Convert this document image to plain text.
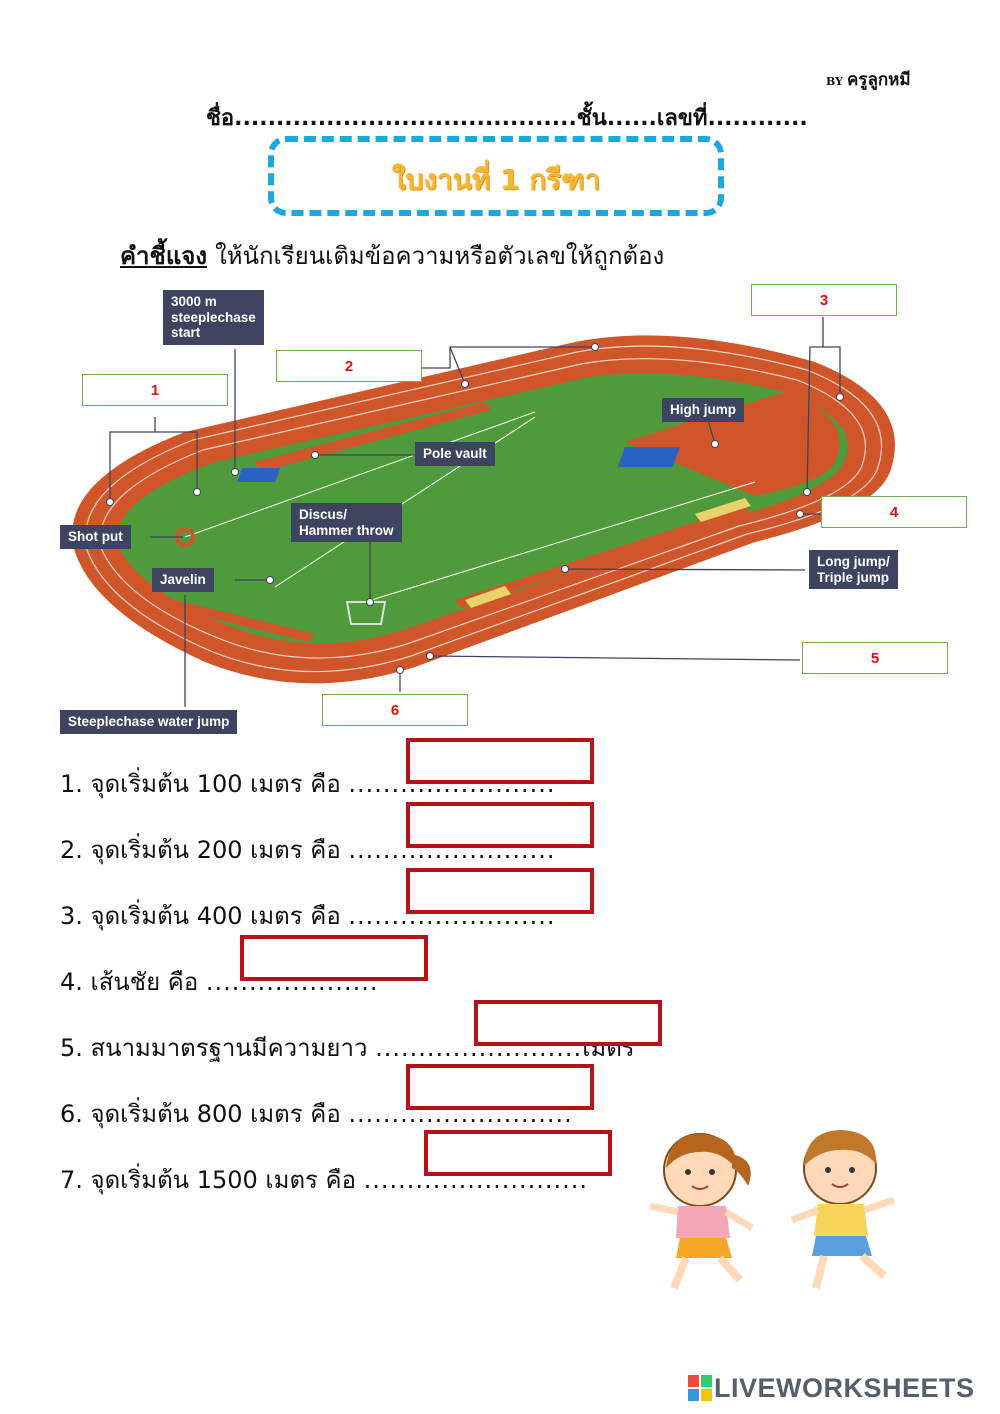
BY ครูลูกหมี
ชื่อ.........................................ชั้น......เลขที่............
ใบงานที่ 1 กรีฑา
คำชี้แจง ให้นักเรียนเติมข้อความหรือตัวเลขให้ถูกต้อง
3000 m
steeplechase
start
High jump
Pole vault
Discus/
Hammer throw
Shot put
Javelin
Long jump/
Triple jump
Steeplechase water jump
1
2
3
4
5
6
1. จุดเริ่มต้น 100 เมตร คือ ........................
2. จุดเริ่มต้น 200 เมตร คือ ........................
3. จุดเริ่มต้น 400 เมตร คือ ........................
4. เส้นชัย คือ ....................
5. สนามมาตรฐานมีความยาว ........................เมตร
6. จุดเริ่มต้น 800 เมตร คือ ..........................
7. จุดเริ่มต้น 1500 เมตร คือ ..........................
LIVEWORKSHEETS
